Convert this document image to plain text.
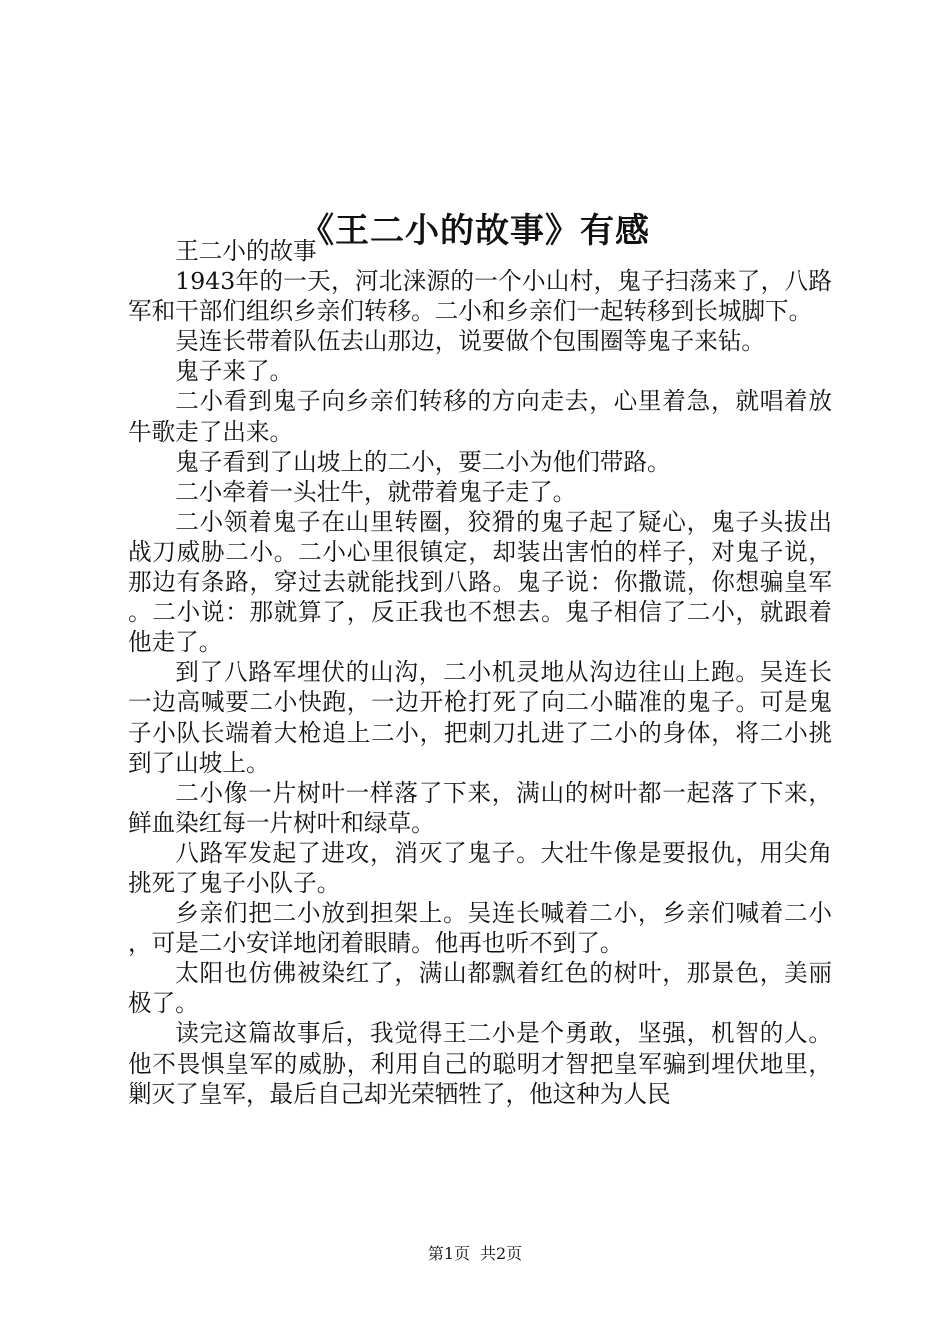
《王二小的故事》有感

王二小的故事

1943年的一天，河北涞源的一个小山村，鬼子扫荡来了，八路军和干部们组织乡亲们转移。二小和乡亲们一起转移到长城脚下。

吴连长带着队伍去山那边，说要做个包围圈等鬼子来钻。

鬼子来了。

二小看到鬼子向乡亲们转移的方向走去，心里着急，就唱着放牛歌走了出来。

鬼子看到了山坡上的二小，要二小为他们带路。

二小牵着一头壮牛，就带着鬼子走了。

二小领着鬼子在山里转圈，狡猾的鬼子起了疑心，鬼子头拔出战刀威胁二小。二小心里很镇定，却装出害怕的样子，对鬼子说，那边有条路，穿过去就能找到八路。鬼子说：你撒谎，你想骗皇军。二小说：那就算了，反正我也不想去。鬼子相信了二小，就跟着他走了。

到了八路军埋伏的山沟，二小机灵地从沟边往山上跑。吴连长一边高喊要二小快跑，一边开枪打死了向二小瞄准的鬼子。可是鬼子小队长端着大枪追上二小，把刺刀扎进了二小的身体，将二小挑到了山坡上。

二小像一片树叶一样落了下来，满山的树叶都一起落了下来，鲜血染红每一片树叶和绿草。

八路军发起了进攻，消灭了鬼子。大壮牛像是要报仇，用尖角挑死了鬼子小队子。

乡亲们把二小放到担架上。吴连长喊着二小，乡亲们喊着二小，可是二小安详地闭着眼睛。他再也听不到了。

太阳也仿佛被染红了，满山都飘着红色的树叶，那景色，美丽极了。

读完这篇故事后，我觉得王二小是个勇敢，坚强，机智的人。他不畏惧皇军的威胁，利用自己的聪明才智把皇军骗到埋伏地里，剿灭了皇军，最后自己却光荣牺牲了，他这种为人民

第1页 共2页
